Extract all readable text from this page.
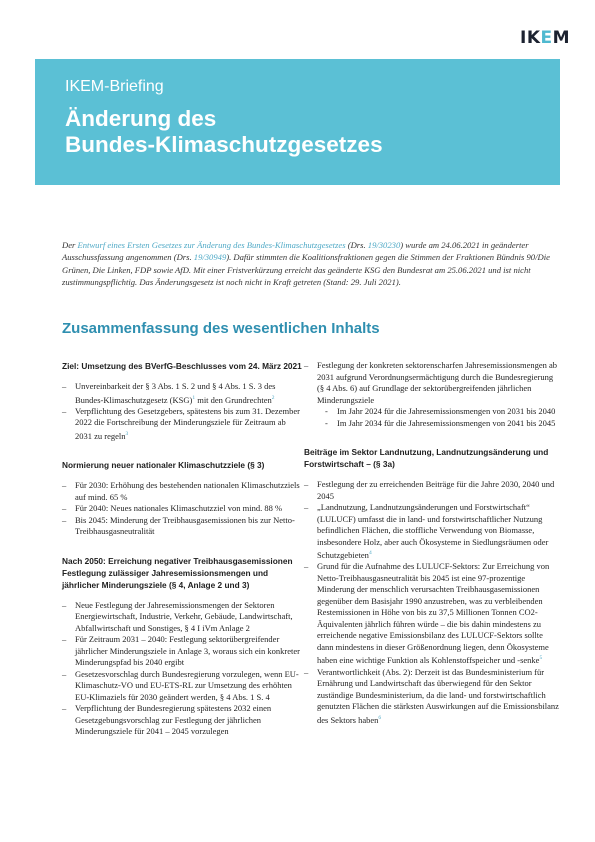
IKEM
IKEM-Briefing
Änderung des
Bundes-Klimaschutzgesetzes

Der Entwurf eines Ersten Gesetzes zur Änderung des Bundes-Klimaschutzgesetzes (Drs. 19/30230) wurde am 24.06.2021 in geänderter Ausschussfassung angenommen (Drs. 19/30949). Dafür stimmten die Koalitionsfraktionen gegen die Stimmen der Fraktionen Bündnis 90/Die Grünen, Die Linken, FDP sowie AfD. Mit einer Fristverkürzung erreicht das geänderte KSG den Bundesrat am 25.06.2021 und ist nicht zustimmungspflichtig. Das Änderungsgesetz ist noch nicht in Kraft getreten (Stand: 29. Juli 2021).

Zusammenfassung des wesentlichen Inhalts

Ziel: Umsetzung des BVerfG-Beschlusses vom 24. März 2021

– Unvereinbarkeit der § 3 Abs. 1 S. 2 und § 4 Abs. 1 S. 3 des Bundes-Klimaschutzgesetz (KSG)$^1$ mit den Grundrechten$^2$
– Verpflichtung des Gesetzgebers, spätestens bis zum 31. Dezember 2022 die Fortschreibung der Minderungsziele für Zeitraum ab 2031 zu regeln$^3$

Normierung neuer nationaler Klimaschutzziele (§ 3)

– Für 2030: Erhöhung des bestehenden nationalen Klimaschutzziels auf mind. 65 %
– Für 2040: Neues nationales Klimaschutzziel von mind. 88 %
– Bis 2045: Minderung der Treibhausgasemissionen bis zur Netto-Treibhausgasneutralität

Nach 2050: Erreichung negativer Treibhausgasemissionen Festlegung zulässiger Jahresemissionsmengen und jährlicher Minderungsziele (§ 4, Anlage 2 und 3)

– Neue Festlegung der Jahresemissionsmengen der Sektoren Energiewirtschaft, Industrie, Verkehr, Gebäude, Landwirtschaft, Abfallwirtschaft und Sonstiges, § 4 I iVm Anlage 2
– Für Zeitraum 2031 – 2040: Festlegung sektorübergreifender jährlicher Minderungsziele in Anlage 3, woraus sich ein konkreter Minderungspfad bis 2040 ergibt
– Gesetzesvorschlag durch Bundesregierung vorzulegen, wenn EU-Klimaschutz-VO und EU-ETS-RL zur Umsetzung des erhöhten EU-Klimaziels für 2030 geändert werden, § 4 Abs. 1 S. 4
– Verpflichtung der Bundesregierung spätestens 2032 einen Gesetzgebungsvorschlag zur Festlegung der jährlichen Minderungsziele für 2041 – 2045 vorzulegen
– Festlegung der konkreten sektorenscharfen Jahresemissionsmengen ab 2031 aufgrund Verordnungsermächtigung durch die Bundesregierung (§ 4 Abs. 6) auf Grundlage der sektorübergreifenden jährlichen Minderungsziele
- Im Jahr 2024 für die Jahresemissionsmengen von 2031 bis 2040
- Im Jahr 2034 für die Jahresemissionsmengen von 2041 bis 2045

Beiträge im Sektor Landnutzung, Landnutzungsänderung und Forstwirtschaft – (§ 3a)

– Festlegung der zu erreichenden Beiträge für die Jahre 2030, 2040 und 2045
– „Landnutzung, Landnutzungsänderungen und Forstwirtschaft“ (LULUCF) umfasst die in land- und forstwirtschaftlicher Nutzung befindlichen Flächen, die stoffliche Verwendung von Biomasse, insbesondere Holz, aber auch Ökosysteme in Siedlungsräumen oder Schutzgebieten$^4$
– Grund für die Aufnahme des LULUCF-Sektors: Zur Erreichung von Netto-Treibhausgasneutralität bis 2045 ist eine 97-prozentige Minderung der menschlich verursachten Treibhausgasemissionen gegenüber dem Basisjahr 1990 anzustreben, was zu verbleibenden Restemissionen in Höhe von bis zu 37,5 Millionen Tonnen CO2-Äquivalenten jährlich führen würde – die bis dahin mindestens zu erreichende negative Emissionsbilanz des LULUCF-Sektors sollte dann mindestens in dieser Größenordnung liegen, denn Ökosysteme haben eine wichtige Funktion als Kohlenstoffspeicher und -senke$^5$
– Verantwortlichkeit (Abs. 2): Derzeit ist das Bundesministerium für Ernährung und Landwirtschaft das überwiegend für den Sektor zuständige Bundesministerium, da die land- und forstwirtschaftlich genutzten Flächen die stärksten Auswirkungen auf die Emissionsbilanz des Sektors haben$^6$
